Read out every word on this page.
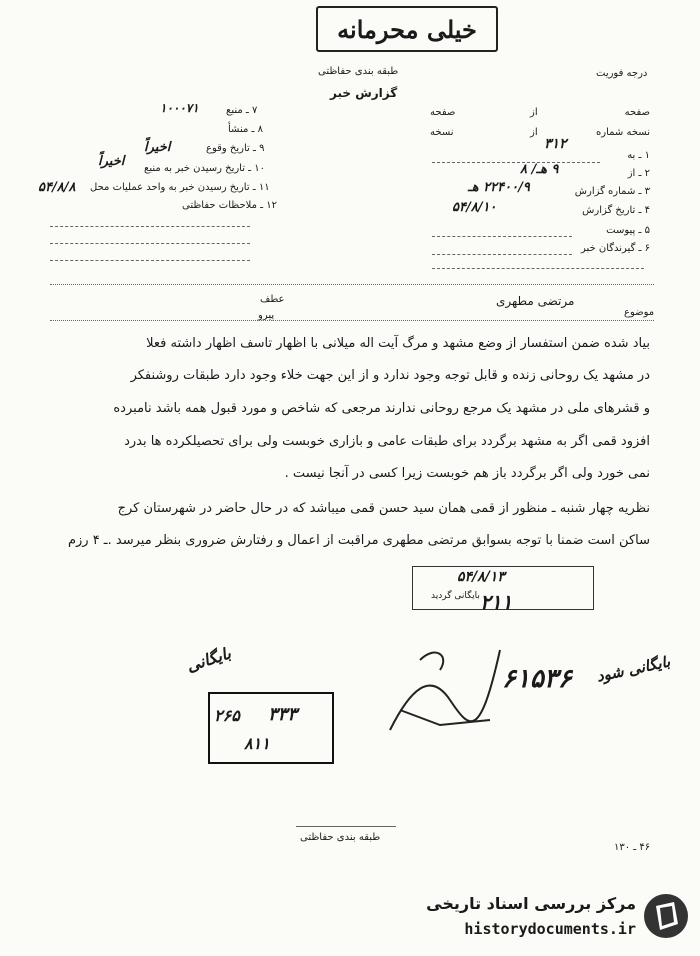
خیلی محرمانه
درجه فوریت
طبقه بندی حفاظتی
گزارش خبر
صفحه
از
صفحه
نسخه شماره
از
نسخه
۳۱۲
۱ ـ به
۲ ـ از
۹ هـ/ ۸
۳ ـ شماره گزارش
۲۲۴۰۰/۹ هـ
۴ ـ تاریخ گزارش
۵۴/۸/۱۰
۵ ـ پیوست
۶ ـ گیرندگان خبر
۷ ـ منبع
۱۰۰۰۷۱
۸ ـ منشأ
۹ ـ تاریخ وقوع
اخیراً
۱۰ ـ تاریخ رسیدن خبر به منبع
اخیراً
۱۱ ـ تاریخ رسیدن خبر به واحد عملیات محل
۵۴/۸/۸
۱۲ ـ ملاحظات حفاظتی
موضوع
مرتضی مطهری
عطف
پیرو
بیاد شده ضمن استفسار از وضع مشهد و مرگ آیت اله میلانی با اظهار تاسف اظهار داشته فعلا
در مشهد یک روحانی زنده و قابل توجه وجود ندارد و از این جهت خلاء وجود دارد طبقات روشنفکر
و قشرهای ملی در مشهد یک مرجع روحانی ندارند مرجعی که شاخص و مورد قبول همه باشد نامبرده
افزود قمی اگر به مشهد برگردد برای طبقات عامی و بازاری خوبست ولی برای تحصیلکرده ها بدرد
نمی خورد ولی اگر برگردد باز هم خوبست زیرا کسی در آنجا نیست .
نظریه چهار شنبه ـ منظور از قمی همان سید حسن قمی میباشد که در حال حاضر در شهرستان کرج
ساکن است ضمنا با توجه بسوابق مرتضی مطهری مراقبت از اعمال و رفتارش ضروری بنظر میرسد .ـ ۴ رزم
۵۴/۸/۱۳
بایگانی گردید ۲۱۱
بایگانی
۶۱۵۳۶ بایگانی شود
۳۳۳
۲۶۵
۸۱۱
طبقه بندی حفاظتی
۴۶ ـ ۱۳۰
مرکز بررسی اسناد تاریخی
historydocuments.ir
